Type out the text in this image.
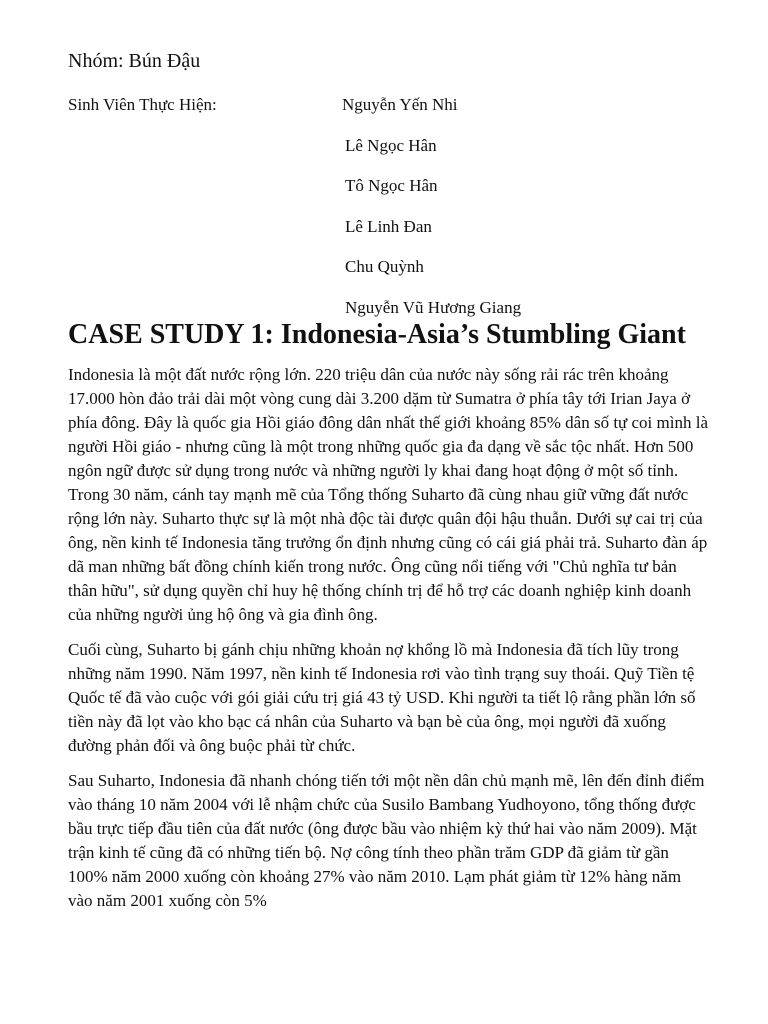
Nhóm: Bún Đậu

Sinh Viên Thực Hiện:	Nguyễn Yến Nhi
Lê Ngọc Hân
Tô Ngọc Hân
Lê Linh Đan
Chu Quỳnh
Nguyễn Vũ Hương Giang
CASE STUDY 1: Indonesia-Asia’s Stumbling Giant

Indonesia là một đất nước rộng lớn. 220 triệu dân của nước này sống rải rác trên khoảng 17.000 hòn đảo trải dài một vòng cung dài 3.200 dặm từ Sumatra ở phía tây tới Irian Jaya ở phía đông. Đây là quốc gia Hồi giáo đông dân nhất thế giới khoảng 85% dân số tự coi mình là người Hồi giáo - nhưng cũng là một trong những quốc gia đa dạng về sắc tộc nhất. Hơn 500 ngôn ngữ được sử dụng trong nước và những người ly khai đang hoạt động ở một số tỉnh. Trong 30 năm, cánh tay mạnh mẽ của Tổng thống Suharto đã cùng nhau giữ vững đất nước rộng lớn này. Suharto thực sự là một nhà độc tài được quân đội hậu thuẫn. Dưới sự cai trị của ông, nền kinh tế Indonesia tăng trưởng ổn định nhưng cũng có cái giá phải trả. Suharto đàn áp dã man những bất đồng chính kiến trong nước. Ông cũng nổi tiếng với "Chủ nghĩa tư bản thân hữu", sử dụng quyền chỉ huy hệ thống chính trị để hỗ trợ các doanh nghiệp kinh doanh của những người ủng hộ ông và gia đình ông.

Cuối cùng, Suharto bị gánh chịu những khoản nợ khổng lồ mà Indonesia đã tích lũy trong những năm 1990. Năm 1997, nền kinh tế Indonesia rơi vào tình trạng suy thoái. Quỹ Tiền tệ Quốc tế đã vào cuộc với gói giải cứu trị giá 43 tỷ USD. Khi người ta tiết lộ rằng phần lớn số tiền này đã lọt vào kho bạc cá nhân của Suharto và bạn bè của ông, mọi người đã xuống đường phản đối và ông buộc phải từ chức.

Sau Suharto, Indonesia đã nhanh chóng tiến tới một nền dân chủ mạnh mẽ, lên đến đỉnh điểm vào tháng 10 năm 2004 với lễ nhậm chức của Susilo Bambang Yudhoyono, tổng thống được bầu trực tiếp đầu tiên của đất nước (ông được bầu vào nhiệm kỳ thứ hai vào năm 2009). Mặt trận kinh tế cũng đã có những tiến bộ. Nợ công tính theo phần trăm GDP đã giảm từ gần 100% năm 2000 xuống còn khoảng 27% vào năm 2010. Lạm phát giảm từ 12% hàng năm vào năm 2001 xuống còn 5%
